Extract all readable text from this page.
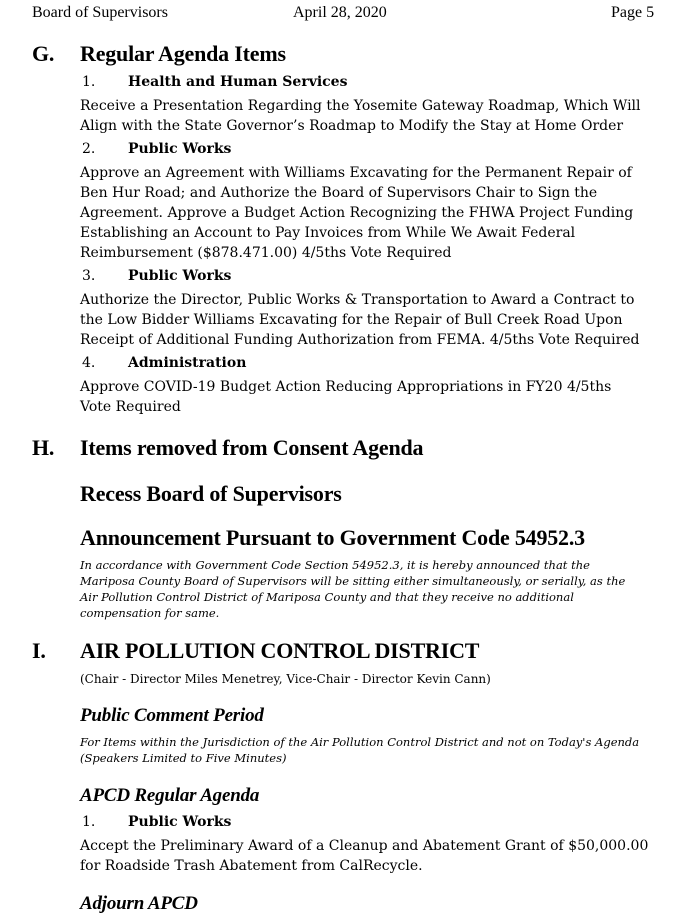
Board of Supervisors	April 28, 2020	Page 5
G. Regular Agenda Items
1. Health and Human Services
Receive a Presentation Regarding the Yosemite Gateway Roadmap, Which Will
Align with the State Governor’s Roadmap to Modify the Stay at Home Order
2. Public Works
Approve an Agreement with Williams Excavating for the Permanent Repair of
Ben Hur Road; and Authorize the Board of Supervisors Chair to Sign the
Agreement. Approve a Budget Action Recognizing the FHWA Project Funding
Establishing an Account to Pay Invoices from While We Await Federal
Reimbursement ($878.471.00) 4/5ths Vote Required
3. Public Works
Authorize the Director, Public Works & Transportation to Award a Contract to
the Low Bidder Williams Excavating for the Repair of Bull Creek Road Upon
Receipt of Additional Funding Authorization from FEMA. 4/5ths Vote Required
4. Administration
Approve COVID-19 Budget Action Reducing Appropriations in FY20 4/5ths
Vote Required
H. Items removed from Consent Agenda
Recess Board of Supervisors
Announcement Pursuant to Government Code 54952.3
In accordance with Government Code Section 54952.3, it is hereby announced that the
Mariposa County Board of Supervisors will be sitting either simultaneously, or serially, as the
Air Pollution Control District of Mariposa County and that they receive no additional
compensation for same.
I. AIR POLLUTION CONTROL DISTRICT
(Chair - Director Miles Menetrey, Vice-Chair - Director Kevin Cann)
Public Comment Period
For Items within the Jurisdiction of the Air Pollution Control District and not on Today's Agenda
(Speakers Limited to Five Minutes)
APCD Regular Agenda
1. Public Works
Accept the Preliminary Award of a Cleanup and Abatement Grant of $50,000.00
for Roadside Trash Abatement from CalRecycle.
Adjourn APCD
